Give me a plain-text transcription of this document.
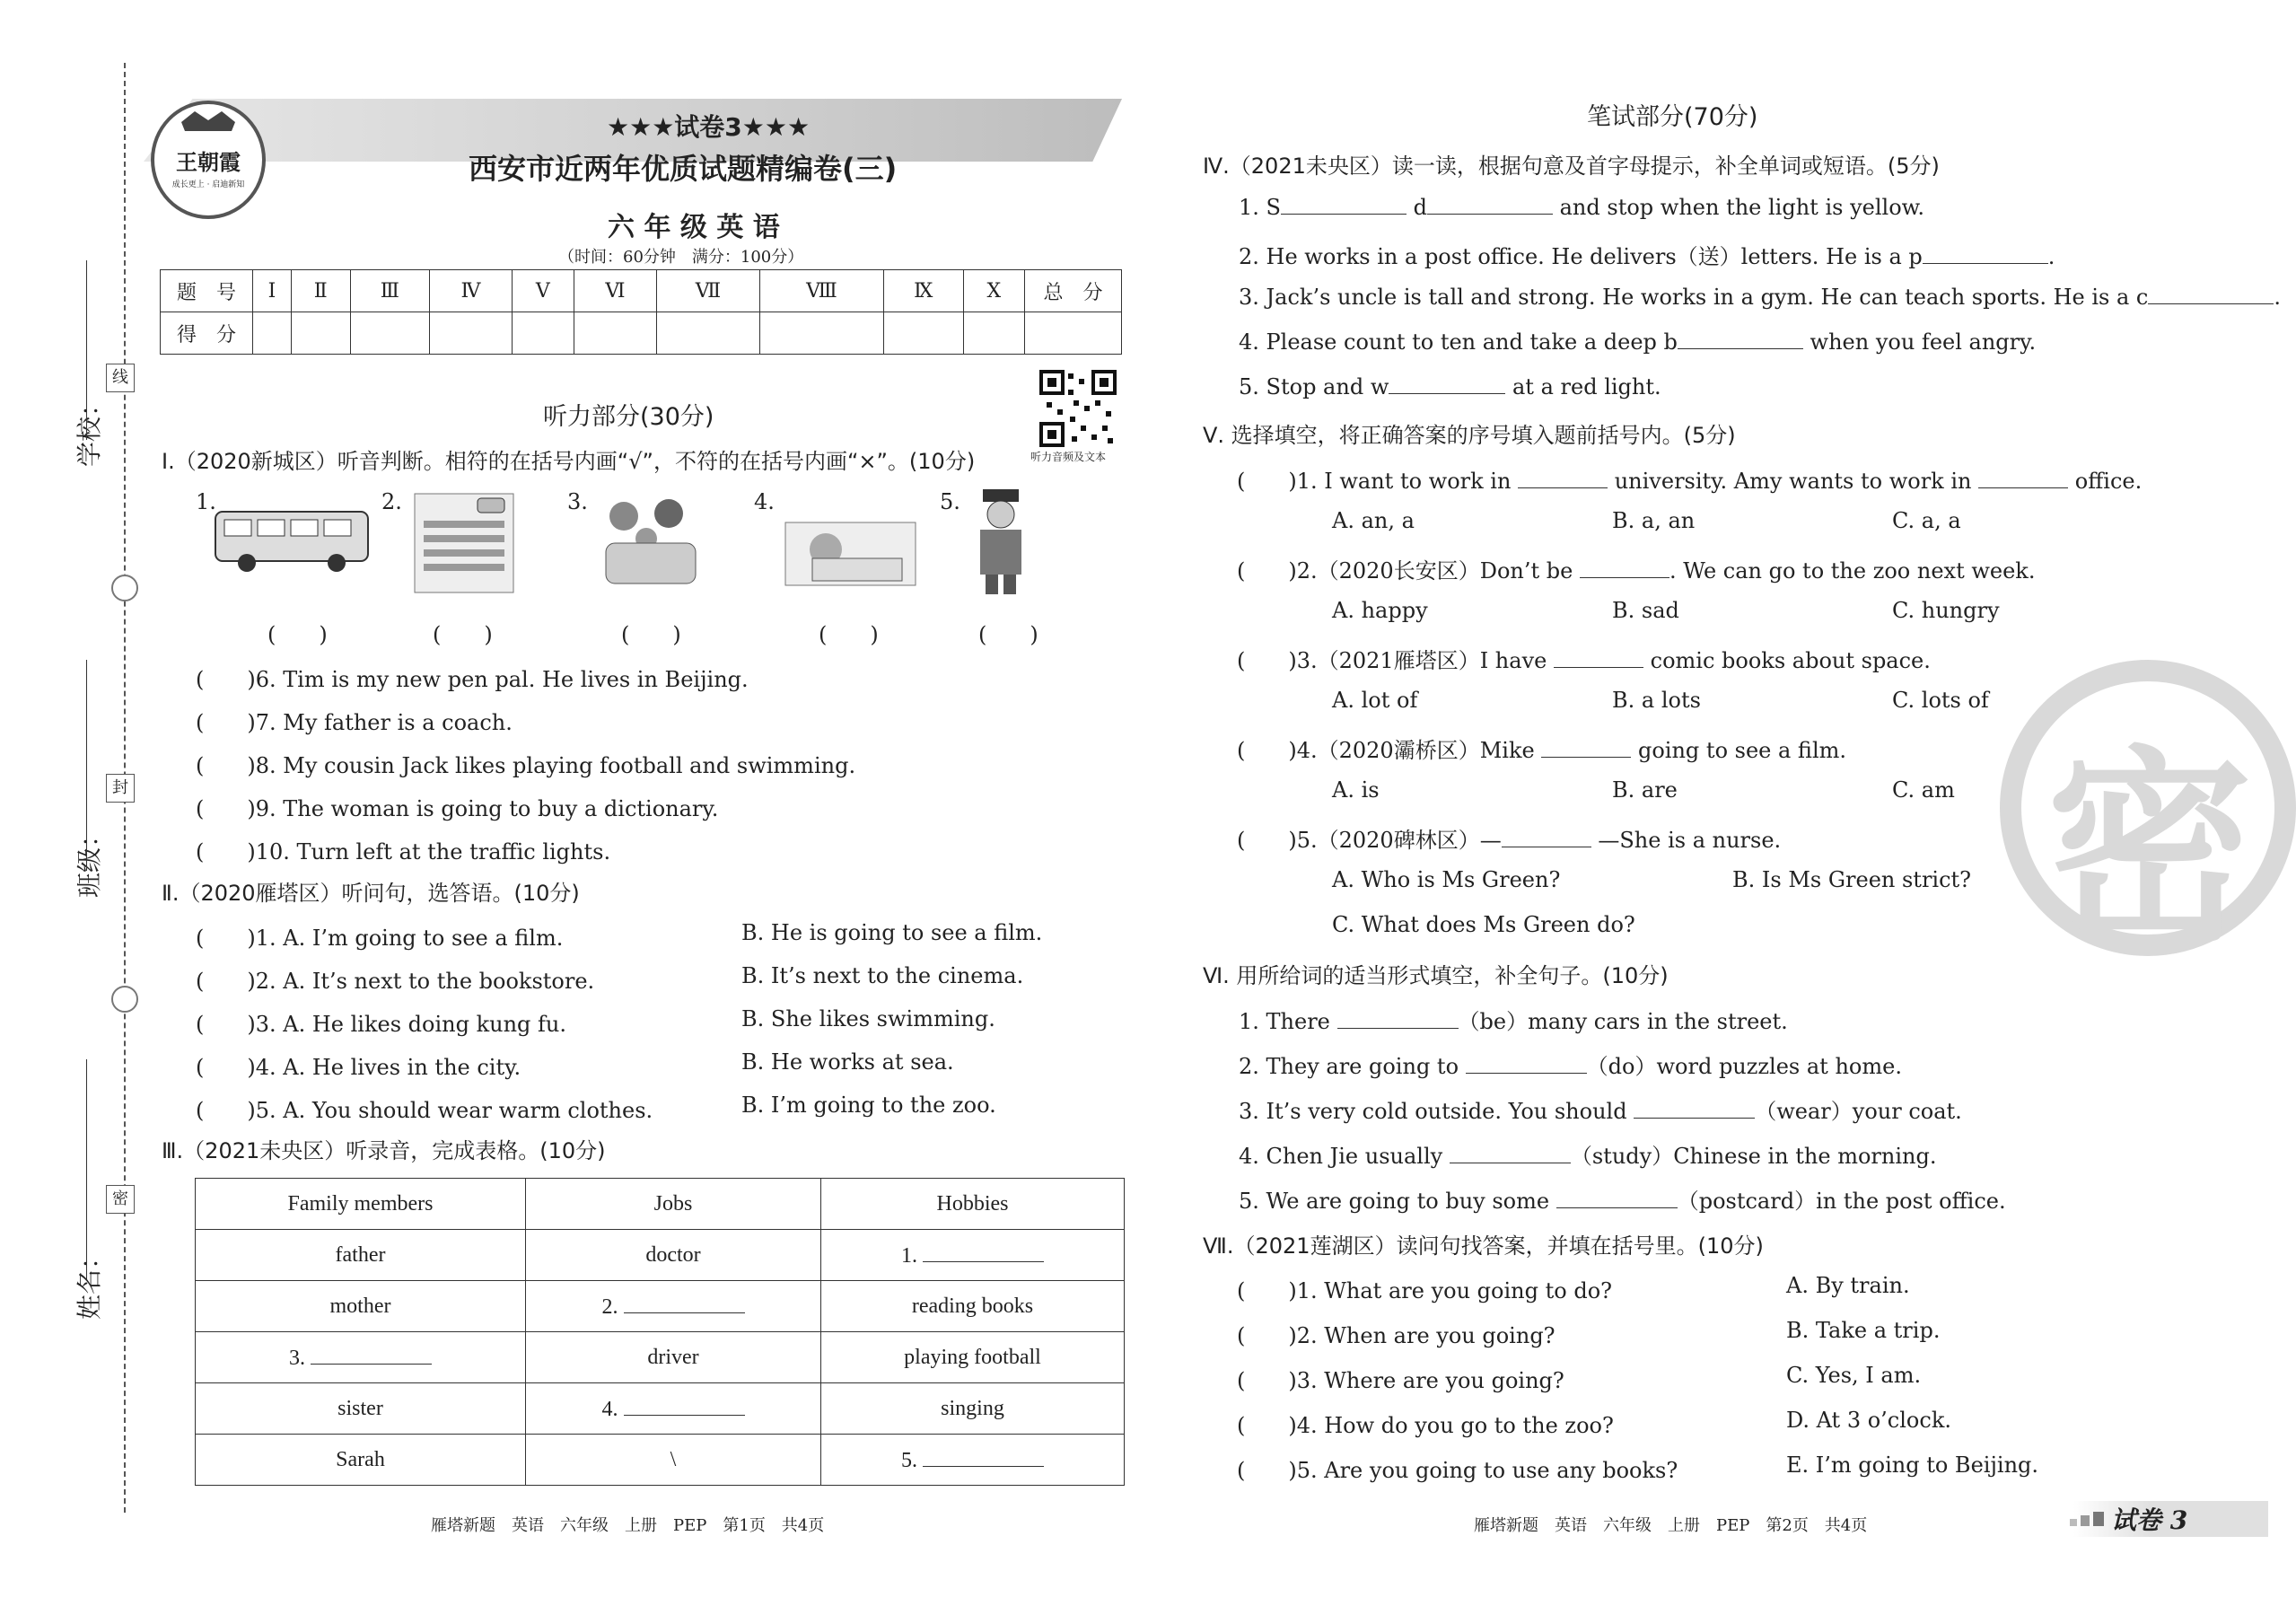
线
封
密
学校：
班级：
姓名：
王朝霞
成长更上 · 启迪新知
★★★试卷3★★★
西安市近两年优质试题精编卷(三)
六 年 级 英 语
（时间：60分钟　满分：100分）
题　号	Ⅰ	Ⅱ	Ⅲ	Ⅳ	Ⅴ	Ⅵ	Ⅶ	Ⅷ	Ⅸ	Ⅹ	总　分
得　分											
听力音频及文本
听力部分(30分)
Ⅰ.（2020新城区）听音判断。相符的在括号内画“√”，不符的在括号内画“×”。(10分)
1.	2.	3.	4.	5.
(　　)	(　　)	(　　)	(　　)	(　　)
(　　)6. Tim is my new pen pal. He lives in Beijing.
(　　)7. My father is a coach.
(　　)8. My cousin Jack likes playing football and swimming.
(　　)9. The woman is going to buy a dictionary.
(　　)10. Turn left at the traffic lights.
Ⅱ.（2020雁塔区）听问句，选答语。(10分)
(　　)1. A. I’m going to see a film.	B. He is going to see a film.
(　　)2. A. It’s next to the bookstore.	B. It’s next to the cinema.
(　　)3. A. He likes doing kung fu.	B. She likes swimming.
(　　)4. A. He lives in the city.	B. He works at sea.
(　　)5. A. You should wear warm clothes.	B. I’m going to the zoo.
Ⅲ.（2021未央区）听录音，完成表格。(10分)
Family members	Jobs	Hobbies
father	doctor	1.
mother	2.	reading books
3.	driver	playing football
sister	4.	singing
Sarah	\	5.
雁塔新题　英语　六年级　上册　PEP　第1页　共4页
密
笔试部分(70分)
Ⅳ.（2021未央区）读一读，根据句意及首字母提示，补全单词或短语。(5分)
1. S	d	and stop when the light is yellow.
2. He works in a post office. He delivers（送）letters. He is a p	.
3. Jack’s uncle is tall and strong. He works in a gym. He can teach sports. He is a c	.
4. Please count to ten and take a deep b	when you feel angry.
5. Stop and w	at a red light.
Ⅴ. 选择填空，将正确答案的序号填入题前括号内。(5分)
(　　)1. I want to work in	university. Amy wants to work in	office.
A. an, a	B. a, an	C. a, a
(　　)2.（2020长安区）Don’t be	. We can go to the zoo next week.
A. happy	B. sad	C. hungry
(　　)3.（2021雁塔区）I have	comic books about space.
A. lot of	B. a lots	C. lots of
(　　)4.（2020灞桥区）Mike	going to see a film.
A. is	B. are	C. am
(　　)5.（2020碑林区）—	—She is a nurse.
A. Who is Ms Green?	B. Is Ms Green strict?
C. What does Ms Green do?
Ⅵ. 用所给词的适当形式填空，补全句子。(10分)
1. There	（be）many cars in the street.
2. They are going to	（do）word puzzles at home.
3. It’s very cold outside. You should	（wear）your coat.
4. Chen Jie usually	（study）Chinese in the morning.
5. We are going to buy some	（postcard）in the post office.
Ⅶ.（2021莲湖区）读问句找答案，并填在括号里。(10分)
(　　)1. What are you going to do?	A. By train.
(　　)2. When are you going?	B. Take a trip.
(　　)3. Where are you going?	C. Yes, I am.
(　　)4. How do you go to the zoo?	D. At 3 o’clock.
(　　)5. Are you going to use any books?	E. I’m going to Beijing.
雁塔新题　英语　六年级　上册　PEP　第2页　共4页	试卷 3
